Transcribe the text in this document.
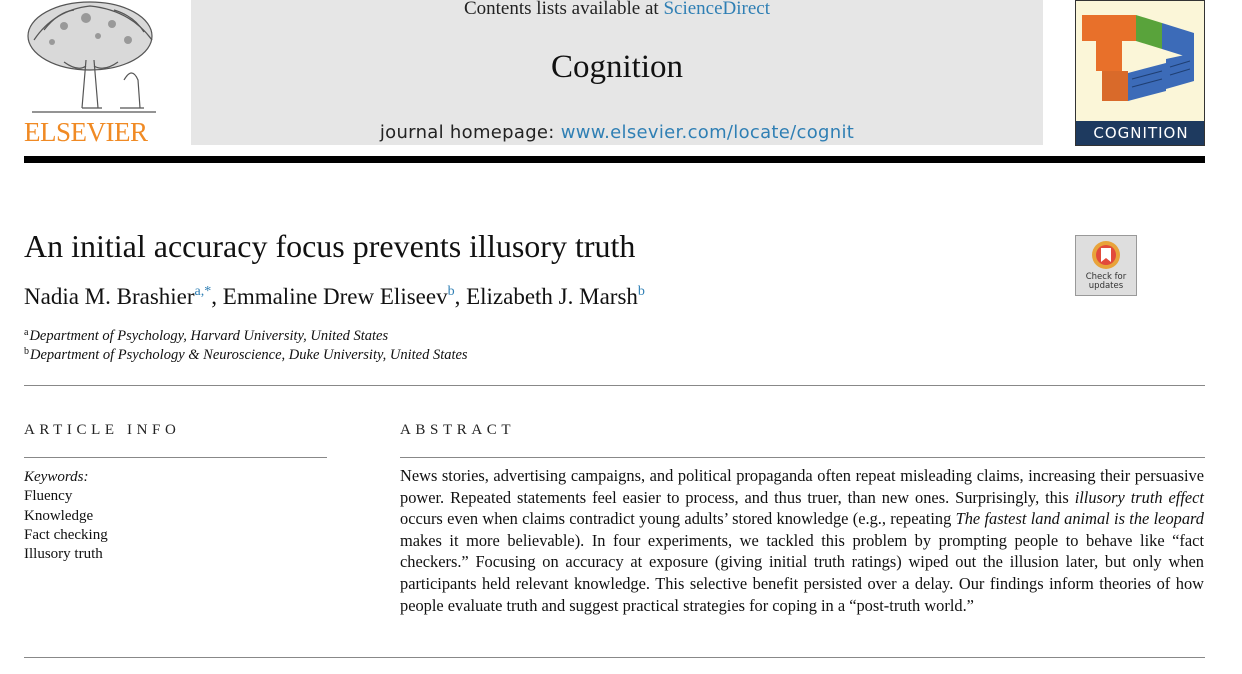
ELSEVIER
Contents lists available at ScienceDirect
Cognition
journal homepage: www.elsevier.com/locate/cognit	COGNITION
An initial accuracy focus prevents illusory truth
Nadia M. Brashier$^{a,*}$, Emmaline Drew Eliseev$^b$, Elizabeth J. Marsh$^b$
$^a$Department of Psychology, Harvard University, United States
$^b$Department of Psychology & Neuroscience, Duke University, United States
Check for updates
ARTICLE INFO
Keywords:
Fluency
Knowledge
Fact checking
Illusory truth
ABSTRACT
News stories, advertising campaigns, and political propaganda often repeat misleading claims, increasing their persuasive power. Repeated statements feel easier to process, and thus truer, than new ones. Surprisingly, this illusory truth effect occurs even when claims contradict young adults’ stored knowledge (e.g., repeating The fastest land animal is the leopard makes it more believable). In four experiments, we tackled this problem by prompting people to behave like “fact checkers.” Focusing on accuracy at exposure (giving initial truth ratings) wiped out the illusion later, but only when participants held relevant knowledge. This selective benefit persisted over a delay. Our findings inform theories of how people evaluate truth and suggest practical strategies for coping in a “post-truth world.”
